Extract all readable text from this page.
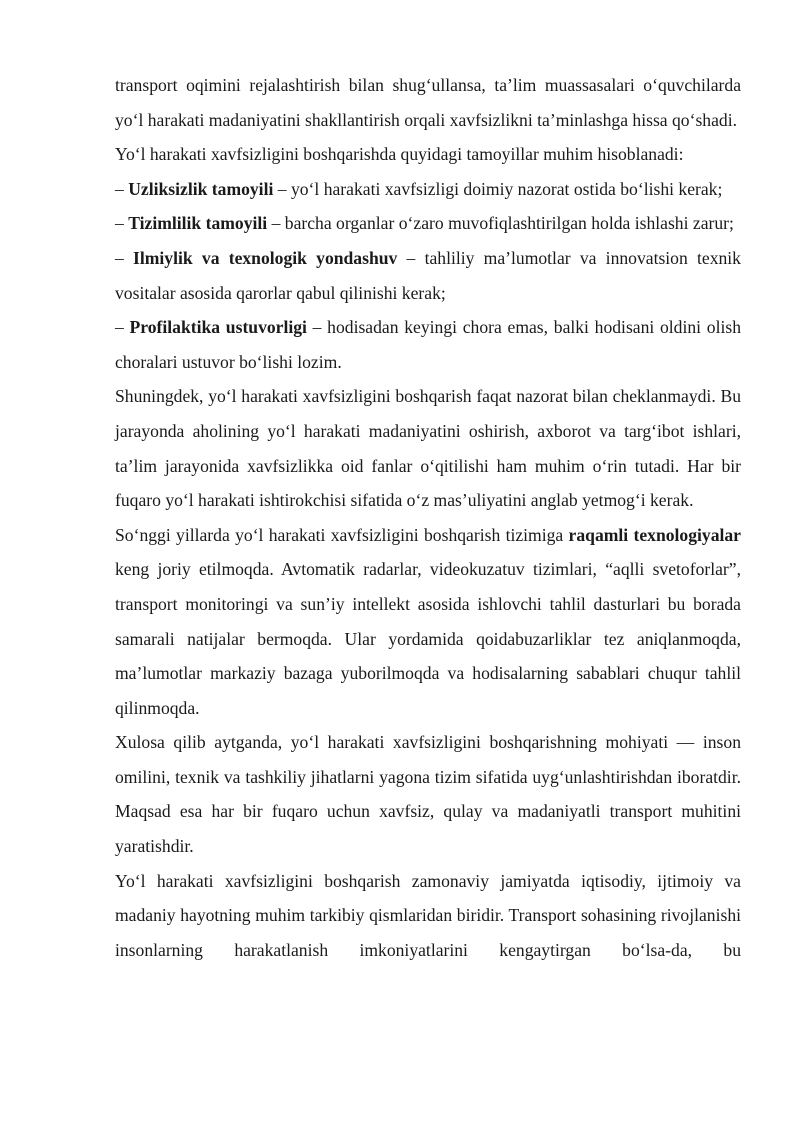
transport oqimini rejalashtirish bilan shug‘ullansa, ta’lim muassasalari o‘quvchilarda yo‘l harakati madaniyatini shakllantirish orqali xavfsizlikni ta’minlashga hissa qo‘shadi.

Yo‘l harakati xavfsizligini boshqarishda quyidagi tamoyillar muhim hisoblanadi:

– Uzliksizlik tamoyili – yo‘l harakati xavfsizligi doimiy nazorat ostida bo‘lishi kerak;

– Tizimlilik tamoyili – barcha organlar o‘zaro muvofiqlashtirilgan holda ishlashi zarur;

– Ilmiylik va texnologik yondashuv – tahliliy ma’lumotlar va innovatsion texnik vositalar asosida qarorlar qabul qilinishi kerak;

– Profilaktika ustuvorligi – hodisadan keyingi chora emas, balki hodisani oldini olish choralari ustuvor bo‘lishi lozim.

Shuningdek, yo‘l harakati xavfsizligini boshqarish faqat nazorat bilan cheklanmaydi. Bu jarayonda aholining yo‘l harakati madaniyatini oshirish, axborot va targ‘ibot ishlari, ta’lim jarayonida xavfsizlikka oid fanlar o‘qitilishi ham muhim o‘rin tutadi. Har bir fuqaro yo‘l harakati ishtirokchisi sifatida o‘z mas’uliyatini anglab yetmog‘i kerak.

So‘nggi yillarda yo‘l harakati xavfsizligini boshqarish tizimiga raqamli texnologiyalar keng joriy etilmoqda. Avtomatik radarlar, videokuzatuv tizimlari, “aqlli svetoforlar”, transport monitoringi va sun’iy intellekt asosida ishlovchi tahlil dasturlari bu borada samarali natijalar bermoqda. Ular yordamida qoidabuzarliklar tez aniqlanmoqda, ma’lumotlar markaziy bazaga yuborilmoqda va hodisalarning sabablari chuqur tahlil qilinmoqda.

Xulosa qilib aytganda, yo‘l harakati xavfsizligini boshqarishning mohiyati — inson omilini, texnik va tashkiliy jihatlarni yagona tizim sifatida uyg‘unlashtirishdan iboratdir. Maqsad esa har bir fuqaro uchun xavfsiz, qulay va madaniyatli transport muhitini yaratishdir.

Yo‘l harakati xavfsizligini boshqarish zamonaviy jamiyatda iqtisodiy, ijtimoiy va madaniy hayotning muhim tarkibiy qismlaridan biridir. Transport sohasining rivojlanishi insonlarning harakatlanish imkoniyatlarini kengaytirgan bo‘lsa-da, bu
